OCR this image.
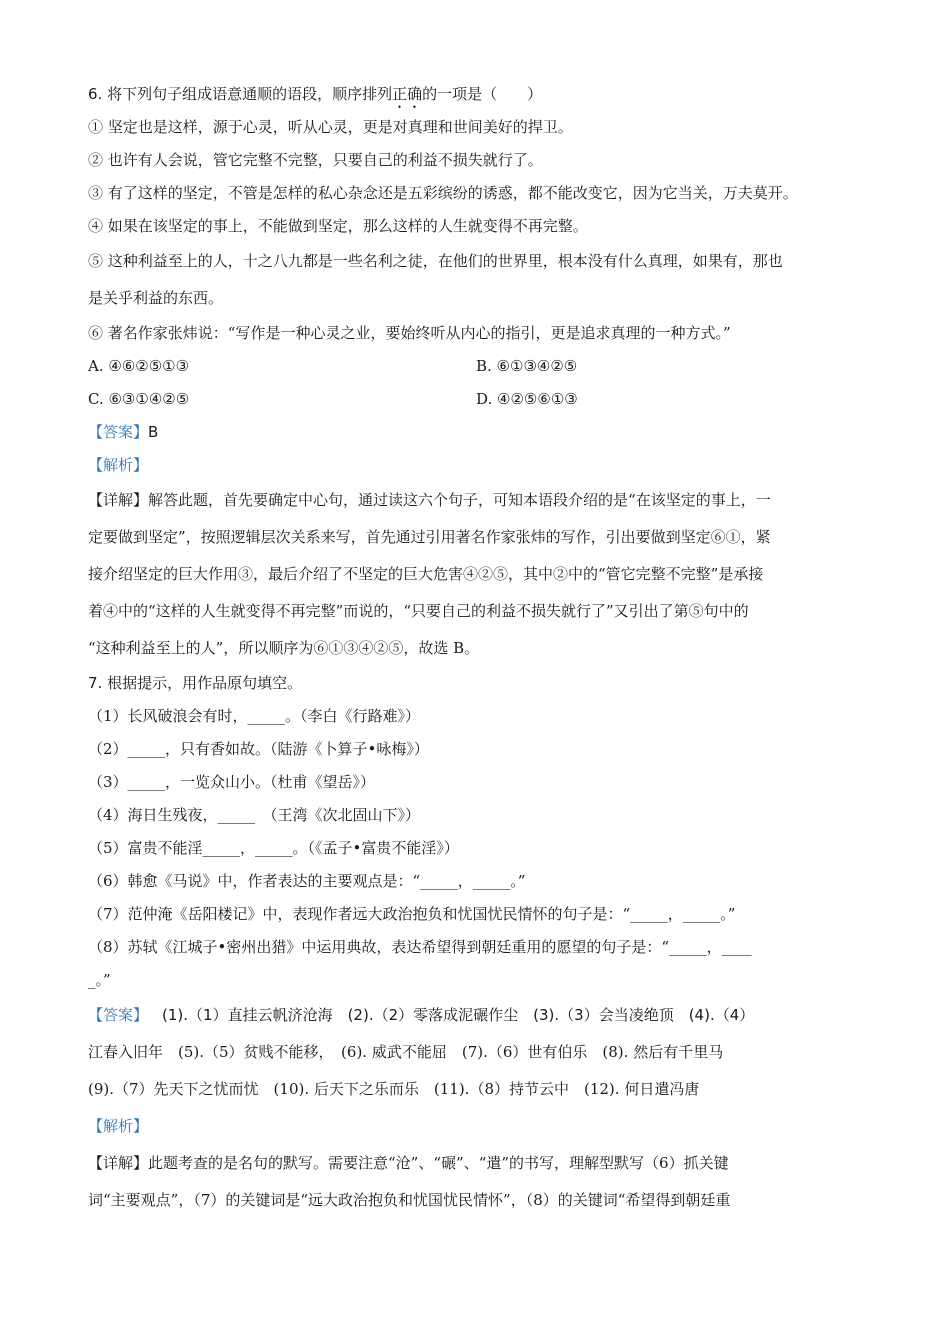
6. 将下列句子组成语意通顺的语段，顺序排列正确的一项是（　　）
① 坚定也是这样，源于心灵，听从心灵，更是对真理和世间美好的捍卫。
② 也许有人会说，管它完整不完整，只要自己的利益不损失就行了。
③ 有了这样的坚定，不管是怎样的私心杂念还是五彩缤纷的诱惑，都不能改变它，因为它当关，万夫莫开。
④ 如果在该坚定的事上，不能做到坚定，那么这样的人生就变得不再完整。
⑤ 这种利益至上的人，十之八九都是一些名利之徒，在他们的世界里，根本没有什么真理，如果有，那也
是关乎利益的东西。
⑥ 著名作家张炜说：“写作是一种心灵之业，要始终听从内心的指引，更是追求真理的一种方式。”
A. ④⑥②⑤①③	B. ⑥①③④②⑤
C. ⑥③①④②⑤	D. ④②⑤⑥①③
【答案】B
【解析】
【详解】解答此题，首先要确定中心句，通过读这六个句子，可知本语段介绍的是“在该坚定的事上，一
定要做到坚定”，按照逻辑层次关系来写，首先通过引用著名作家张炜的写作，引出要做到坚定⑥①，紧
接介绍坚定的巨大作用③，最后介绍了不坚定的巨大危害④②⑤，其中②中的“管它完整不完整”是承接
着④中的“这样的人生就变得不再完整”而说的，“只要自己的利益不损失就行了”又引出了第⑤句中的
“这种利益至上的人”，所以顺序为⑥①③④②⑤，故选 B。
7. 根据提示，用作品原句填空。
（1）长风破浪会有时，_____。（李白《行路难》）
（2）_____，只有香如故。（陆游《卜算子•咏梅》）
（3）_____，一览众山小。（杜甫《望岳》）
（4）海日生残夜，_____　（王湾《次北固山下》）
（5）富贵不能淫_____，_____。（《孟子•富贵不能淫》）
（6）韩愈《马说》中，作者表达的主要观点是：“_____，_____。”
（7）范仲淹《岳阳楼记》中，表现作者远大政治抱负和忧国忧民情怀的句子是：“_____，_____。”
（8）苏轼《江城子•密州出猎》中运用典故，表达希望得到朝廷重用的愿望的句子是：“_____，____
_。”
【答案】 (1).（1）直挂云帆济沧海　(2).（2）零落成泥碾作尘　(3).（3）会当凌绝顶　(4).（4）
江春入旧年　(5).（5）贫贱不能移，　(6). 威武不能屈　(7).（6）世有伯乐　(8). 然后有千里马
(9).（7）先天下之忧而忧　(10). 后天下之乐而乐　(11).（8）持节云中　(12). 何日遣冯唐
【解析】
【详解】此题考查的是名句的默写。需要注意“沧”、“碾”、“遣”的书写，理解型默写（6）抓关键
词“主要观点”，（7）的关键词是“远大政治抱负和忧国忧民情怀”，（8）的关键词“希望得到朝廷重
